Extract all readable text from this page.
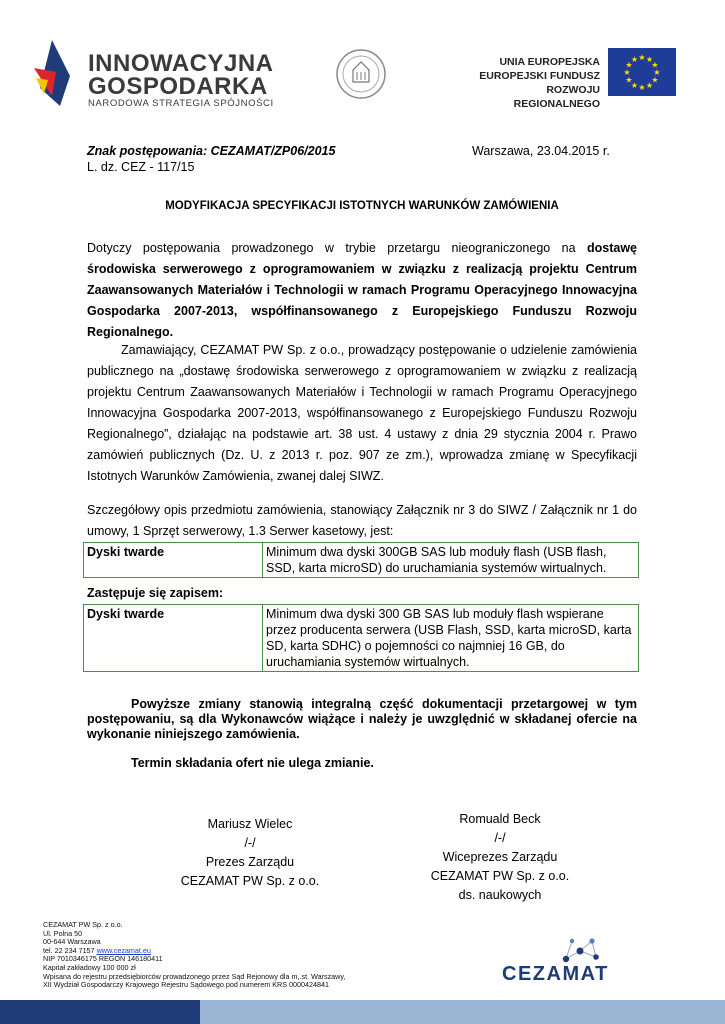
INNOWACYJNA
GOSPODARKA
NARODOWA STRATEGIA SPÓJNOŚCI
UNIA EUROPEJSKA
EUROPEJSKI FUNDUSZ
ROZWOJU REGIONALNEGO
★ ★
★
★
★
★
★
★
★
★
★
★
Znak postępowania: CEZAMAT/ZP06/2015
L. dz. CEZ - 117/15
Warszawa, 23.04.2015 r.
MODYFIKACJA SPECYFIKACJI ISTOTNYCH WARUNKÓW ZAMÓWIENIA
Dotyczy postępowania prowadzonego w trybie przetargu nieograniczonego na dostawę środowiska serwerowego z oprogramowaniem w związku z realizacją projektu Centrum Zaawansowanych Materiałów i Technologii w ramach Programu Operacyjnego Innowacyjna Gospodarka 2007-2013, współfinansowanego z Europejskiego Funduszu Rozwoju Regionalnego.
Zamawiający, CEZAMAT PW Sp. z o.o., prowadzący postępowanie o udzielenie zamówienia publicznego na „dostawę środowiska serwerowego z oprogramowaniem w związku z realizacją projektu Centrum Zaawansowanych Materiałów i Technologii w ramach Programu Operacyjnego Innowacyjna Gospodarka 2007-2013, współfinansowanego z Europejskiego Funduszu Rozwoju Regionalnego”, działając na podstawie art. 38 ust. 4 ustawy z dnia 29 stycznia 2004 r. Prawo zamówień publicznych (Dz. U. z 2013 r. poz. 907 ze zm.), wprowadza zmianę w Specyfikacji Istotnych Warunków Zamówienia, zwanej dalej SIWZ.
Szczegółowy opis przedmiotu zamówienia, stanowiący Załącznik nr 3 do SIWZ / Załącznik nr 1 do umowy, 1 Sprzęt serwerowy, 1.3 Serwer kasetowy, jest:
Dyski twarde	Minimum dwa dyski 300GB SAS lub moduły flash (USB flash, SSD, karta microSD) do uruchamiania systemów wirtualnych.
Zastępuje się zapisem:
Dyski twarde	Minimum dwa dyski 300 GB SAS lub moduły flash wspierane przez producenta serwera (USB Flash, SSD, karta microSD, karta SD, karta SDHC) o pojemności co najmniej 16 GB, do uruchamiania systemów wirtualnych.
Powyższe zmiany stanowią integralną część dokumentacji przetargowej w tym postępowaniu, są dla Wykonawców wiążące i należy je uwzględnić w składanej ofercie na wykonanie niniejszego zamówienia.
Termin składania ofert nie ulega zmianie.
Mariusz Wielec
/-/
Prezes Zarządu
CEZAMAT PW Sp. z o.o.
Romuald Beck
/-/
Wiceprezes Zarządu
CEZAMAT PW Sp. z o.o.
ds. naukowych
CEZAMAT PW Sp. z o.o.
Ul. Polna 50
00-644 Warszawa
tel. 22 234 7157 www.cezamat.eu
NIP 7010346175 REGON 146180411
Kapitał zakładowy 100 000 zł
Wpisana do rejestru przedsiębiorców prowadzonego przez Sąd Rejonowy dla m,.st. Warszawy,
XII Wydział Gospodarczy Krajowego Rejestru Sądowego pod numerem KRS 0000424841	CEZAMAT
